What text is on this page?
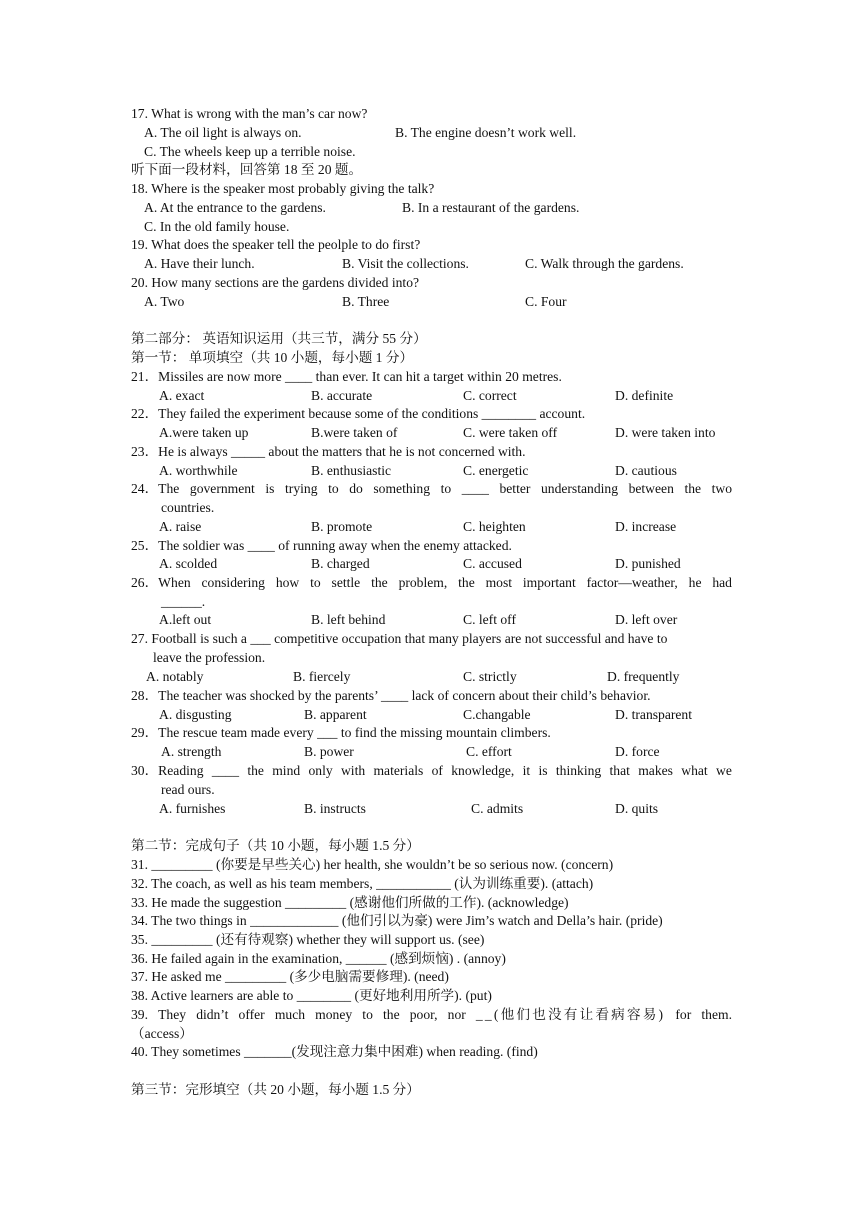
17. What is wrong with the man’s car now?
A. The oil light is always on.	B. The engine doesn’t work well.
C. The wheels keep up a terrible noise.
听下面一段材料，回答第 18 至 20 题。
18. Where is the speaker most probably giving the talk?
A. At the entrance to the gardens.	B. In a restaurant of the gardens.
C. In the old family house.
19. What does the speaker tell the peolple to do first?
A. Have their lunch.	B. Visit the collections.	C. Walk through the gardens.
20. How many sections are the gardens divided into?
A. Two	B. Three	C. Four
第二部分： 英语知识运用（共三节，满分 55 分）
第一节： 单项填空（共 10 小题，每小题 1 分）
21．Missiles are now more ____ than ever. It can hit a target within 20 metres.
A. exact	B. accurate	C. correct	D. definite
22．They failed the experiment because some of the conditions ________ account.
A.were taken up	B.were taken of	C. were taken off	D. were taken into
23．He is always _____ about the matters that he is not concerned with.
A. worthwhile	B. enthusiastic	C. energetic	D. cautious
24．The government is trying to do something to ____ better understanding between the two
countries.
A. raise	B. promote	C. heighten	D. increase
25．The soldier was ____ of running away when the enemy attacked.
A. scolded	B. charged	C. accused	D. punished
26．When considering how to settle the problem, the most important factor—weather, he had
______.
A.left out	B. left behind	C. left off	D. left over
27. Football is such a ___ competitive occupation that many players are not successful and have to
leave the profession.
A. notably	B. fiercely	C. strictly	D. frequently
28．The teacher was shocked by the parents’ ____ lack of concern about their child’s behavior.
A. disgusting	B. apparent	C.changable	D. transparent
29．The rescue team made every ___ to find the missing mountain climbers.
A. strength	B. power	C. effort	D. force
30．Reading ____ the mind only with materials of knowledge, it is thinking that makes what we
read ours.
A. furnishes	B. instructs	C. admits	D. quits
第二节：完成句子（共 10 小题，每小题 1.5 分）
31. _________ (你要是早些关心) her health, she wouldn’t be so serious now. (concern)
32. The coach, as well as his team members, ___________ (认为训练重要). (attach)
33. He made the suggestion _________ (感谢他们所做的工作). (acknowledge)
34. The two things in _____________ (他们引以为豪) were Jim’s watch and Della’s hair. (pride)
35. _________ (还有待观察) whether they will support us. (see)
36. He failed again in the examination, ______ (感到烦恼) . (annoy)
37. He asked me _________ (多少电脑需要修理). (need)
38. Active learners are able to ________ (更好地利用所学). (put)
39. They didn’t offer much money to the poor, nor __(他们也没有让看病容易) for them.
（access）
40. They sometimes _______(发现注意力集中困难) when reading. (find)
第三节：完形填空（共 20 小题，每小题 1.5 分）
